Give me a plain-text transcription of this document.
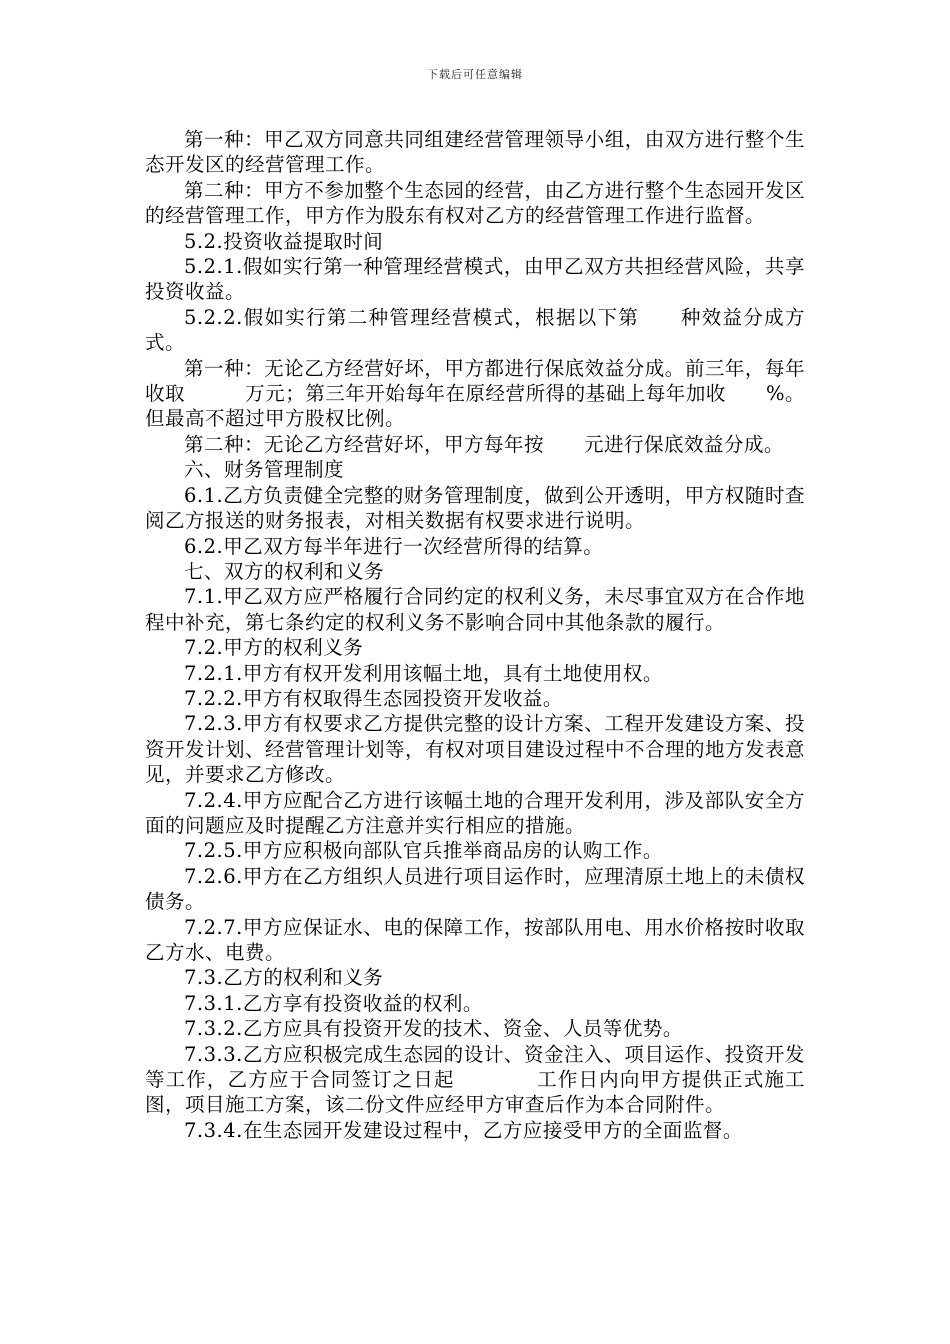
下载后可任意编辑

第一种：甲乙双方同意共同组建经营管理领导小组，由双方进行整个生态开发区的经营管理工作。

第二种：甲方不参加整个生态园的经营，由乙方进行整个生态园开发区的经营管理工作，甲方作为股东有权对乙方的经营管理工作进行监督。

5.2.投资收益提取时间

5.2.1.假如实行第一种管理经营模式，由甲乙双方共担经营风险，共享投资收益。

5.2.2.假如实行第二种管理经营模式，根据以下第　　种效益分成方式。

第一种：无论乙方经营好坏，甲方都进行保底效益分成。前三年，每年收取　　　万元；第三年开始每年在原经营所得的基础上每年加收　　%。但最高不超过甲方股权比例。

第二种：无论乙方经营好坏，甲方每年按　　元进行保底效益分成。

六、财务管理制度

6.1.乙方负责健全完整的财务管理制度，做到公开透明，甲方权随时查阅乙方报送的财务报表，对相关数据有权要求进行说明。

6.2.甲乙双方每半年进行一次经营所得的结算。

七、双方的权利和义务

7.1.甲乙双方应严格履行合同约定的权利义务，未尽事宜双方在合作地程中补充，第七条约定的权利义务不影响合同中其他条款的履行。

7.2.甲方的权利义务

7.2.1.甲方有权开发利用该幅土地，具有土地使用权。

7.2.2.甲方有权取得生态园投资开发收益。

7.2.3.甲方有权要求乙方提供完整的设计方案、工程开发建设方案、投资开发计划、经营管理计划等，有权对项目建设过程中不合理的地方发表意见，并要求乙方修改。

7.2.4.甲方应配合乙方进行该幅土地的合理开发利用，涉及部队安全方面的问题应及时提醒乙方注意并实行相应的措施。

7.2.5.甲方应积极向部队官兵推举商品房的认购工作。

7.2.6.甲方在乙方组织人员进行项目运作时，应理清原土地上的未债权债务。

7.2.7.甲方应保证水、电的保障工作，按部队用电、用水价格按时收取乙方水、电费。

7.3.乙方的权利和义务

7.3.1.乙方享有投资收益的权利。

7.3.2.乙方应具有投资开发的技术、资金、人员等优势。

7.3.3.乙方应积极完成生态园的设计、资金注入、项目运作、投资开发等工作，乙方应于合同签订之日起　　　　工作日内向甲方提供正式施工图，项目施工方案，该二份文件应经甲方审查后作为本合同附件。

7.3.4.在生态园开发建设过程中，乙方应接受甲方的全面监督。
